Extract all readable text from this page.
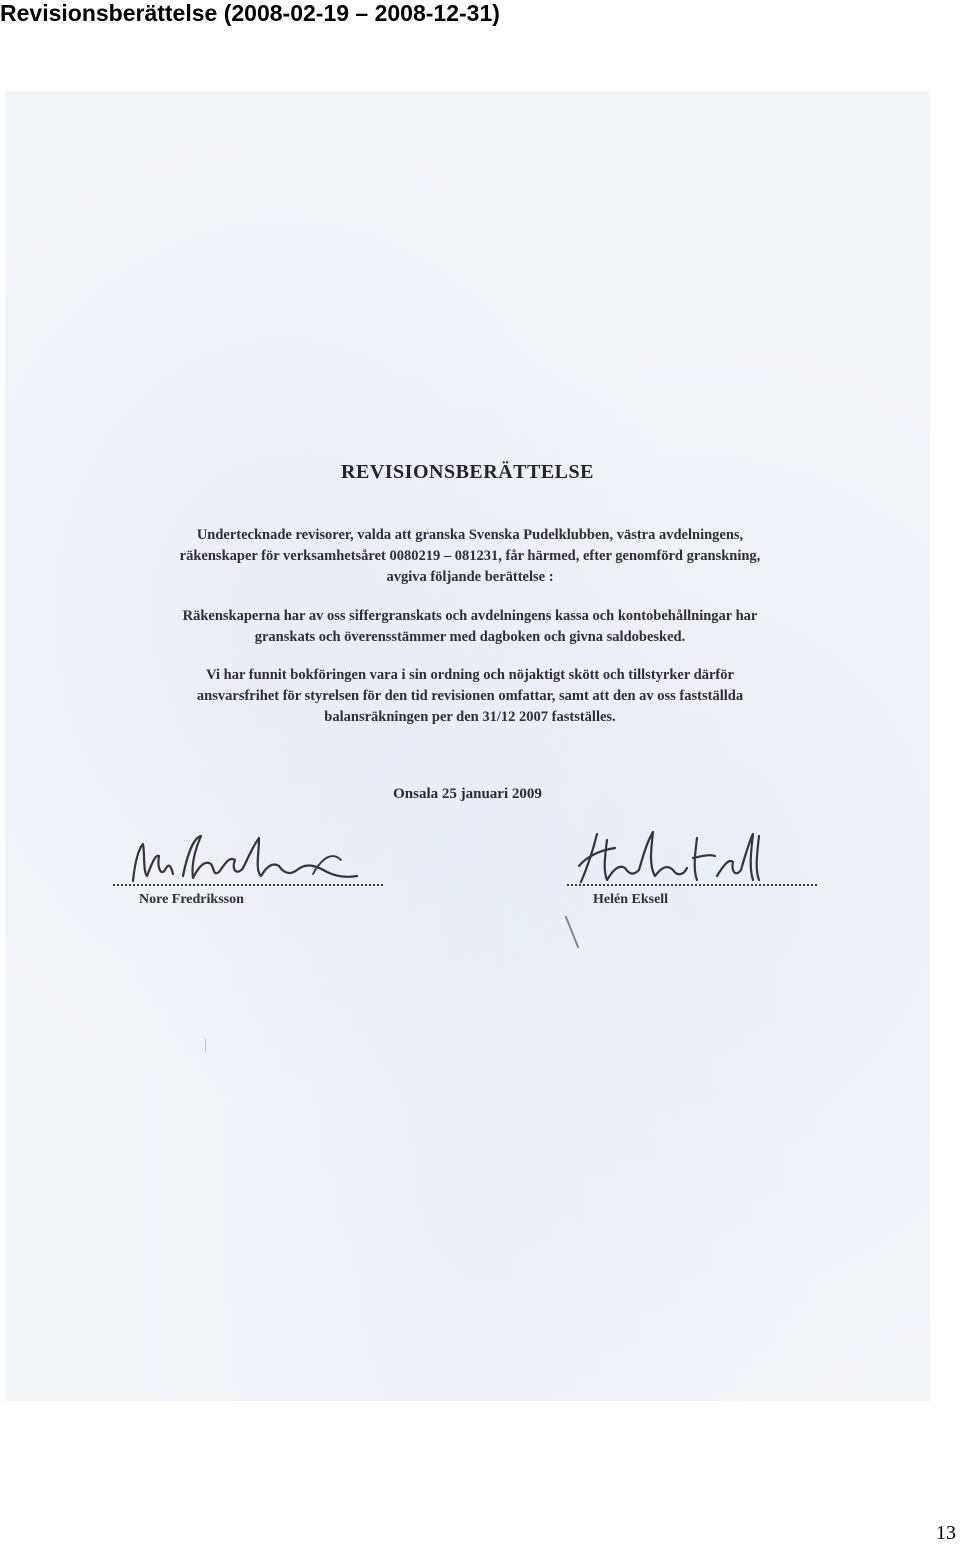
Revisionsberättelse (2008-02-19 – 2008-12-31)
REVISIONSBERÄTTELSE

Undertecknade revisorer, valda att granska Svenska Pudelklubben, västra avdelningens,
räkenskaper för verksamhetsåret 0080219 – 081231, får härmed, efter genomförd granskning,
avgiva följande berättelse :

Räkenskaperna har av oss siffergranskats och avdelningens kassa och kontobehållningar har
granskats och överensstämmer med dagboken och givna saldobesked.

Vi har funnit bokföringen vara i sin ordning och nöjaktigt skött och tillstyrker därför
ansvarsfrihet för styrelsen för den tid revisionen omfattar, samt att den av oss fastställda
balansräkningen per den 31/12 2007 fastställes.

Onsala 25 januari 2009
Nore Fredriksson	Helén Eksell
13
